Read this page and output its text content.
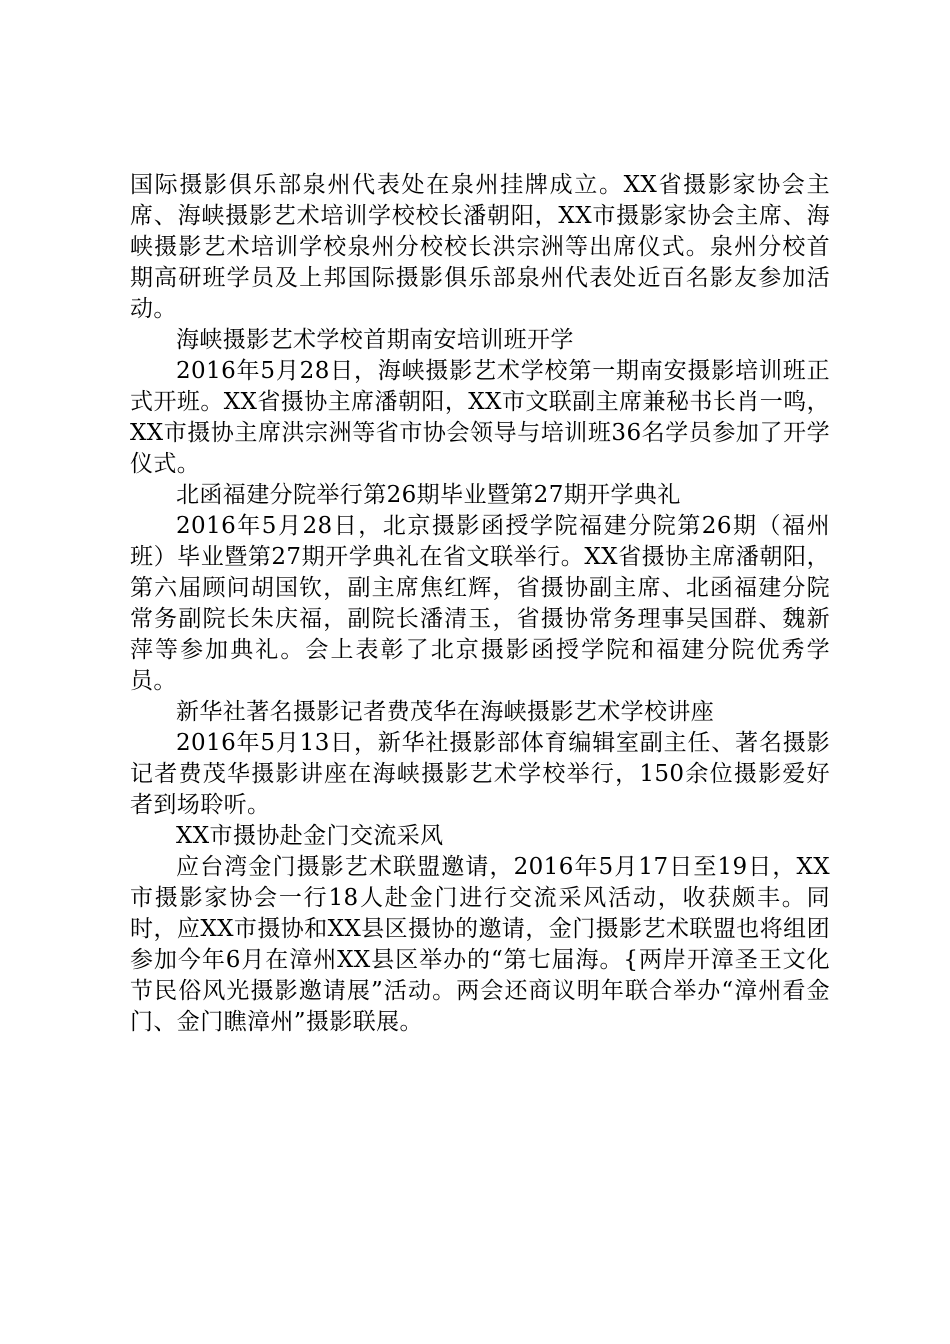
国际摄影俱乐部泉州代表处在泉州挂牌成立。XX省摄影家协会主席、海峡摄影艺术培训学校校长潘朝阳，XX市摄影家协会主席、海峡摄影艺术培训学校泉州分校校长洪宗洲等出席仪式。泉州分校首期高研班学员及上邦国际摄影俱乐部泉州代表处近百名影友参加活动。

海峡摄影艺术学校首期南安培训班开学

2016年5月28日，海峡摄影艺术学校第一期南安摄影培训班正式开班。XX省摄协主席潘朝阳，XX市文联副主席兼秘书长肖一鸣，XX市摄协主席洪宗洲等省市协会领导与培训班36名学员参加了开学仪式。

北函福建分院举行第26期毕业暨第27期开学典礼

2016年5月28日，北京摄影函授学院福建分院第26期（福州班）毕业暨第27期开学典礼在省文联举行。XX省摄协主席潘朝阳，第六届顾问胡国钦，副主席焦红辉，省摄协副主席、北函福建分院常务副院长朱庆福，副院长潘清玉，省摄协常务理事吴国群、魏新萍等参加典礼。会上表彰了北京摄影函授学院和福建分院优秀学员。

新华社著名摄影记者费茂华在海峡摄影艺术学校讲座

2016年5月13日，新华社摄影部体育编辑室副主任、著名摄影记者费茂华摄影讲座在海峡摄影艺术学校举行，150余位摄影爱好者到场聆听。

XX市摄协赴金门交流采风

应台湾金门摄影艺术联盟邀请，2016年5月17日至19日，XX市摄影家协会一行18人赴金门进行交流采风活动，收获颇丰。同时，应XX市摄协和XX县区摄协的邀请，金门摄影艺术联盟也将组团参加今年6月在漳州XX县区举办的“第七届海。{两岸开漳圣王文化节民俗风光摄影邀请展”活动。两会还商议明年联合举办“漳州看金门、金门瞧漳州”摄影联展。
